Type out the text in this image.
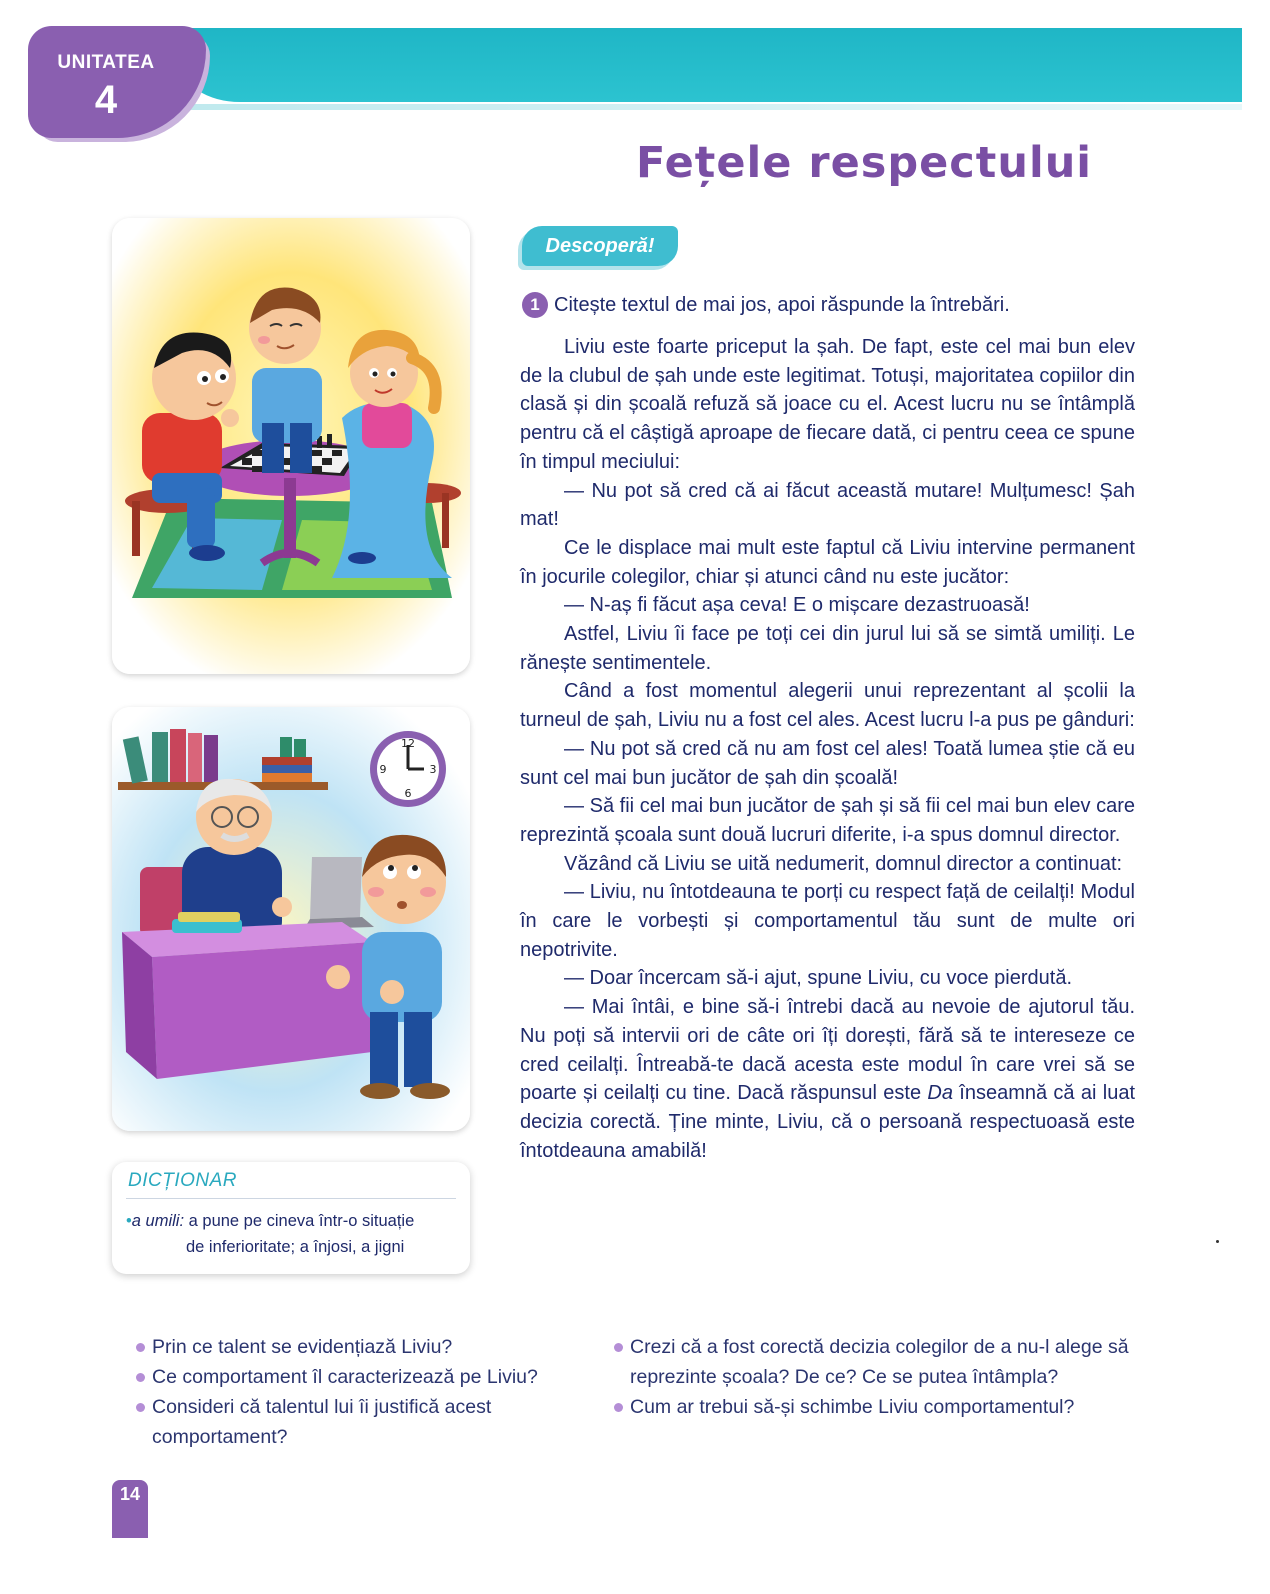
UNITATEA
4
Fețele respectului
12
3
6
9
DICȚIONAR
•a umili: a pune pe cineva într-o situație
de inferioritate; a înjosi, a jigni
Descoperă!
1 Citește textul de mai jos, apoi răspunde la întrebări.

Liviu este foarte priceput la șah. De fapt, este cel mai bun elev de la clubul de șah unde este legitimat. Totuși, majoritatea copiilor din clasă și din școală refuză să joace cu el. Acest lucru nu se întâmplă pentru că el câștigă aproape de fiecare dată, ci pentru ceea ce spune în timpul meciului:

— Nu pot să cred că ai făcut această mutare! Mulțumesc! Șah mat!

Ce le displace mai mult este faptul că Liviu intervine permanent în jocurile colegilor, chiar și atunci când nu este jucător:

— N-aș fi făcut așa ceva! E o mișcare dezastruoasă!

Astfel, Liviu îi face pe toți cei din jurul lui să se simtă umiliți. Le rănește sentimentele.

Când a fost momentul alegerii unui reprezentant al școlii la turneul de șah, Liviu nu a fost cel ales. Acest lucru l-a pus pe gânduri:

— Nu pot să cred că nu am fost cel ales! Toată lumea știe că eu sunt cel mai bun jucător de șah din școală!

— Să fii cel mai bun jucător de șah și să fii cel mai bun elev care reprezintă școala sunt două lucruri diferite, i-a spus domnul director.

Văzând că Liviu se uită nedumerit, domnul director a continuat:

— Liviu, nu întotdeauna te porți cu respect față de ceilalți! Modul în care le vorbești și comportamentul tău sunt de multe ori nepotrivite.

— Doar încercam să-i ajut, spune Liviu, cu voce pierdută.

— Mai întâi, e bine să-i întrebi dacă au nevoie de ajutorul tău. Nu poți să intervii ori de câte ori îți dorești, fără să te intereseze ce cred ceilalți. Întreabă-te dacă acesta este modul în care vrei să se poarte și ceilalți cu tine. Dacă răspunsul este Da înseamnă că ai luat decizia corectă. Ține minte, Liviu, că o persoană respectuoasă este întotdeauna amabilă!

Prin ce talent se evidențiază Liviu?
Ce comportament îl caracterizează pe Liviu?
Consideri că talentul lui îi justifică acest comportament?
Crezi că a fost corectă decizia colegilor de a nu-l alege să reprezinte școala? De ce? Ce se putea întâmpla?
Cum ar trebui să-și schimbe Liviu comportamentul?
14
